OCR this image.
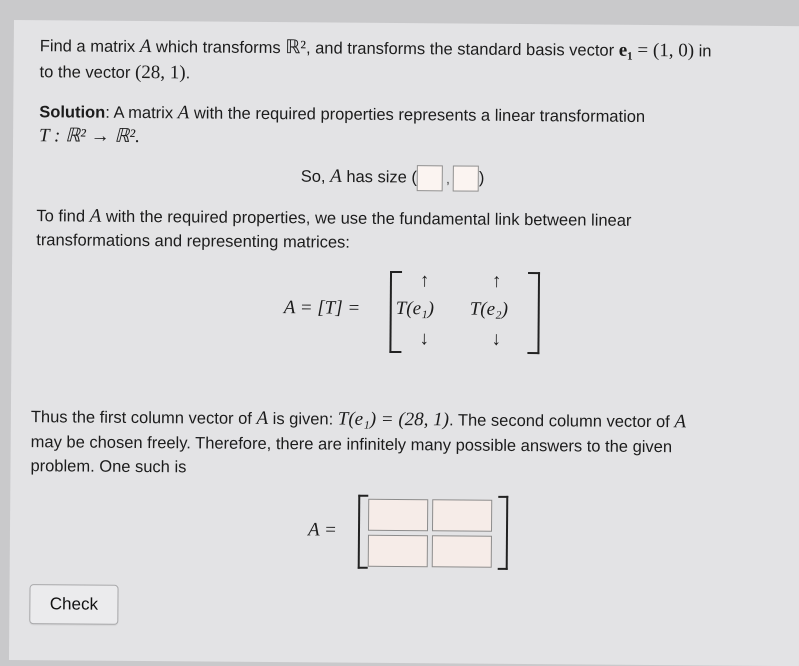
Find a matrix A which transforms ℝ², and transforms the standard basis vector e₁ = (1, 0) in
to the vector (28, 1).
Solution: A matrix A with the required properties represents a linear transformation
T : ℝ² → ℝ².
So, A has size ( , )
To find A with the required properties, we use the fundamental link between linear
transformations and representing matrices:
A = [T] =
↑	↑
T(e₁) T(e₂)
↓	↓
Thus the first column vector of A is given: T(e₁) = (28, 1). The second column vector of A
may be chosen freely. Therefore, there are infinitely many possible answers to the given
problem. One such is
A =
Check
